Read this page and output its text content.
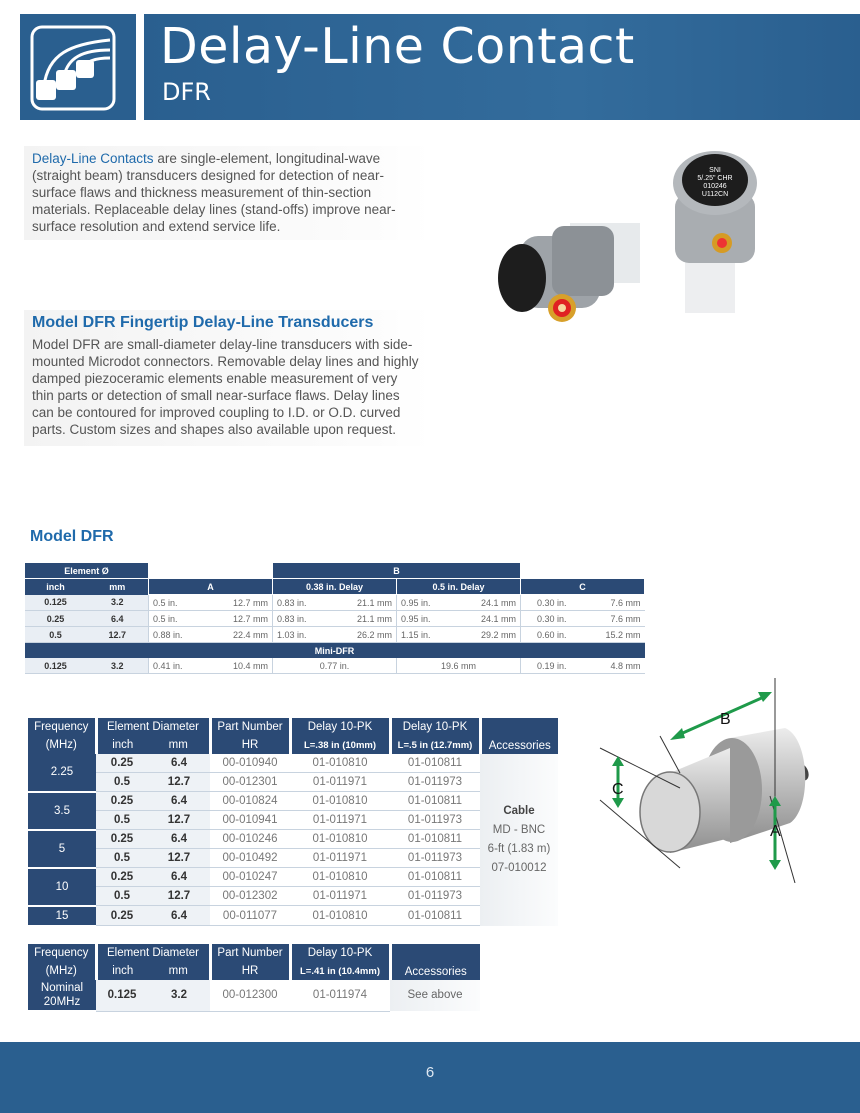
Delay-Line Contact
DFR
Delay-Line Contacts are single-element, longitudinal-wave (straight beam) transducers designed for detection of near-surface flaws and thickness measurement of thin-section materials. Replaceable delay lines (stand-offs) improve near-surface resolution and extend service life.
Model DFR Fingertip Delay-Line Transducers
Model DFR are small-diameter delay-line transducers with side-mounted Microdot connectors. Removable delay lines and highly damped piezoceramic elements enable measurement of very thin parts or detection of small near-surface flaws. Delay lines can be contoured for improved coupling to I.D. or O.D. curved parts. Custom sizes and shapes also available upon request.
SNI
5/.25" CHR
010246
U112CN
Model DFR
Element Ø				B					
inch	mm	A		0.38 in. Delay		0.5 in. Delay		C	
0.125	3.2	0.5 in.	12.7 mm	0.83 in.	21.1 mm	0.95 in.	24.1 mm	0.30 in.	7.6 mm
0.25	6.4	0.5 in.	12.7 mm	0.83 in.	21.1 mm	0.95 in.	24.1 mm	0.30 in.	7.6 mm
0.5	12.7	0.88 in.	22.4 mm	1.03 in.	26.2 mm	1.15 in.	29.2 mm	0.60 in.	15.2 mm
Mini-DFR									
0.125	3.2	0.41 in.	10.4 mm	0.77 in.		19.6 mm		0.19 in.	4.8 mm
Frequency	Element Diameter		Part Number	Delay 10-PK	Delay 10-PK	Accessories
(MHz)	inch	mm	HR	L=.38 in (10mm)	L=.5 in (12.7mm)	
2.25	0.25	6.4	00-010940	01-010810	01-010811	Cable
MD - BNC
6-ft (1.83 m)
07-010012

	0.5	12.7	00-012301	01-011971	01-011973	
3.5	0.25	6.4	00-010824	01-010810	01-010811	
	0.5	12.7	00-010941	01-011971	01-011973	
5	0.25	6.4	00-010246	01-010810	01-010811	
	0.5	12.7	00-010492	01-011971	01-011973	
10	0.25	6.4	00-010247	01-010810	01-010811	
	0.5	12.7	00-012302	01-011971	01-011973	
15	0.25	6.4	00-011077	01-010810	01-010811	
Frequency	Element Diameter		Part Number	Delay 10-PK	Accessories
(MHz)	inch	mm	HR	L=.41 in (10.4mm)	

Nominal
20MHz	0.125	3.2	00-012300	01-011974	See above
B
C
A
6
